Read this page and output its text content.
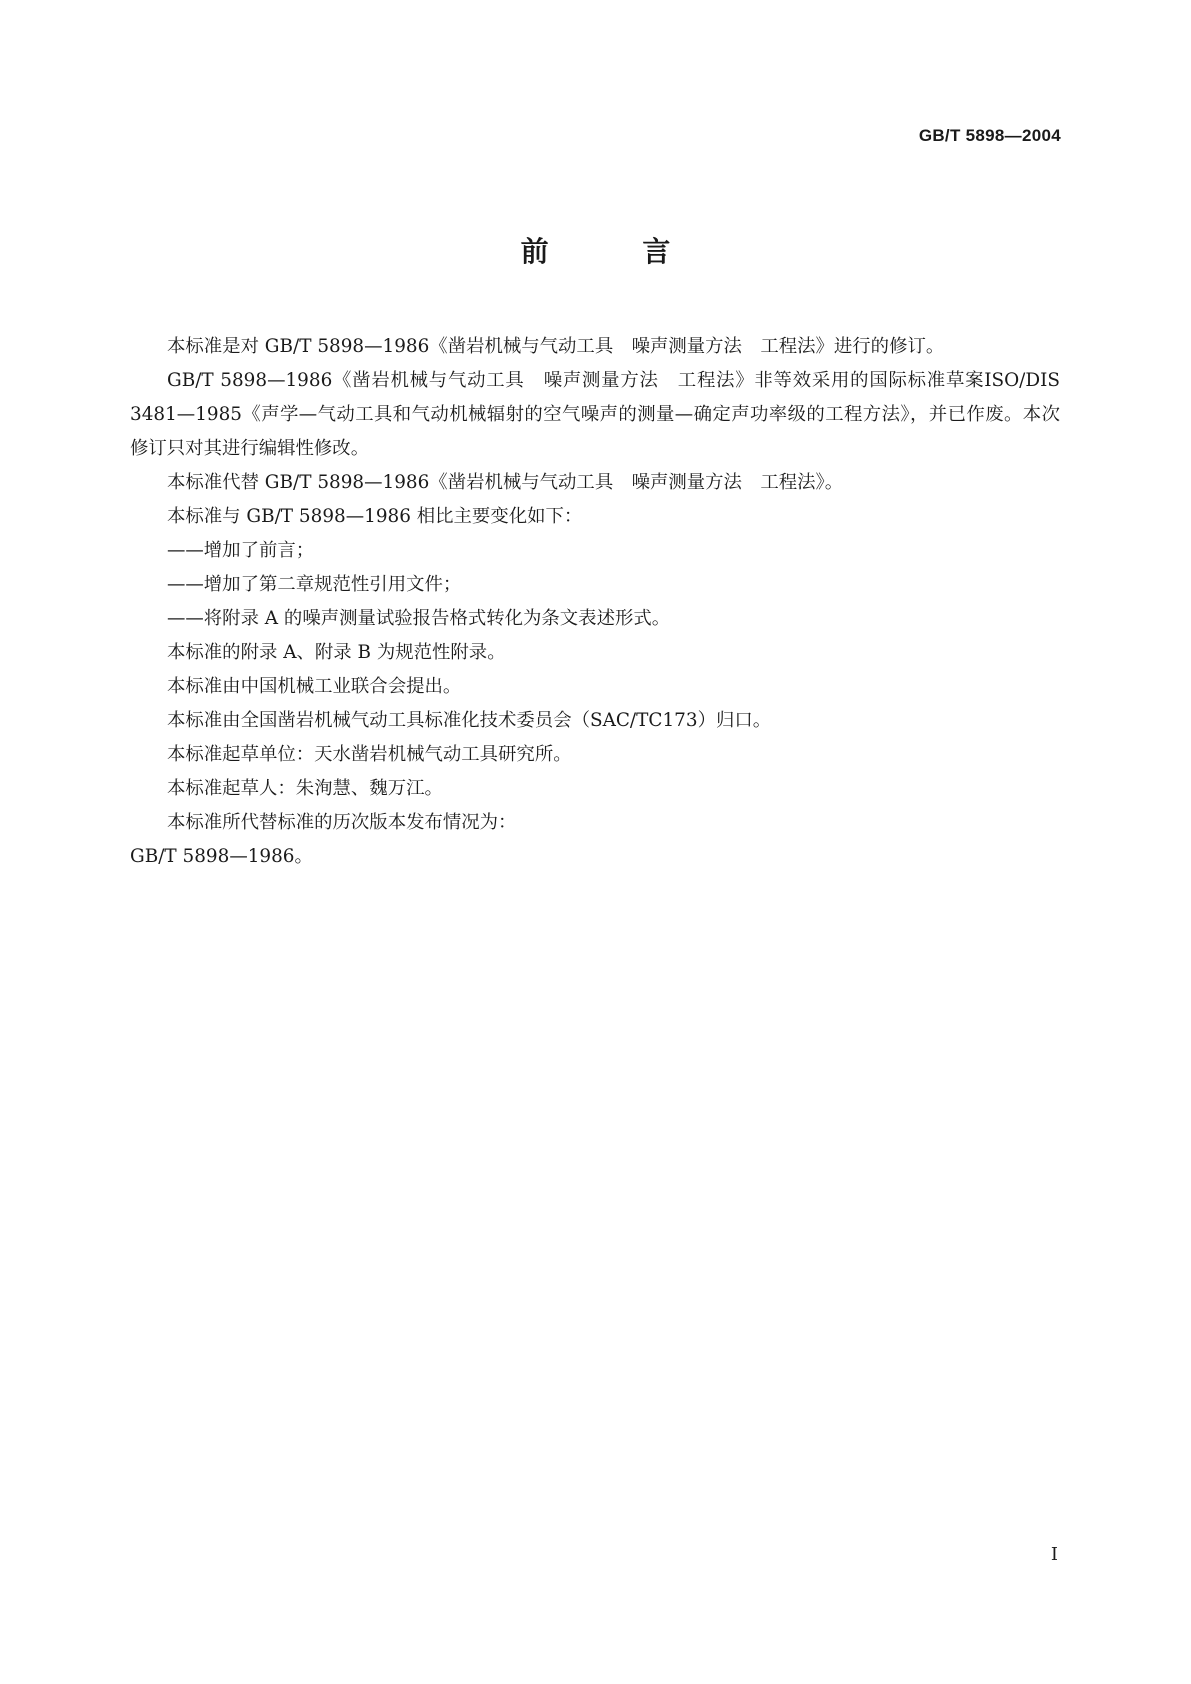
GB/T 5898—2004
前 言

本标准是对 GB/T 5898—1986《凿岩机械与气动工具　噪声测量方法　工程法》进行的修订。

GB/T 5898—1986《凿岩机械与气动工具　噪声测量方法　工程法》非等效采用的国际标准草案ISO/DIS 3481—1985《声学—气动工具和气动机械辐射的空气噪声的测量—确定声功率级的工程方法》，并已作废。本次修订只对其进行编辑性修改。

本标准代替 GB/T 5898—1986《凿岩机械与气动工具　噪声测量方法　工程法》。

本标准与 GB/T 5898—1986 相比主要变化如下：

——增加了前言；

——增加了第二章规范性引用文件；

——将附录 A 的噪声测量试验报告格式转化为条文表述形式。

本标准的附录 A、附录 B 为规范性附录。

本标准由中国机械工业联合会提出。

本标准由全国凿岩机械气动工具标准化技术委员会（SAC/TC173）归口。

本标准起草单位：天水凿岩机械气动工具研究所。

本标准起草人：朱洵慧、魏万江。

本标准所代替标准的历次版本发布情况为：

GB/T 5898—1986。

I
